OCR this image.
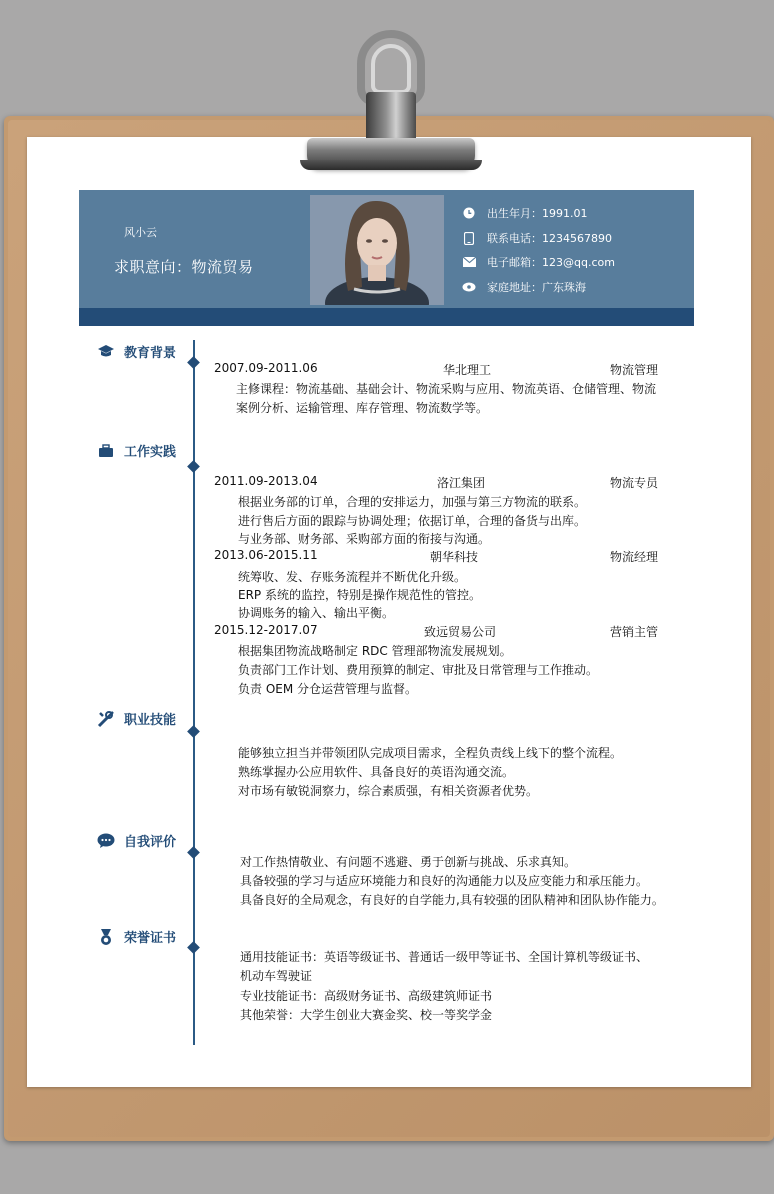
风小云
求职意向：物流贸易
出生年月：1991.01
联系电话：1234567890
电子邮箱：123@qq.com
家庭地址：广东珠海
教育背景
2007.09-2011.06	华北理工	物流管理
主修课程：物流基础、基础会计、物流采购与应用、物流英语、仓储管理、物流
案例分析、运输管理、库存管理、物流数学等。
工作实践
2011.09-2013.04	洛江集团	物流专员
根据业务部的订单，合理的安排运力，加强与第三方物流的联系。
进行售后方面的跟踪与协调处理；依据订单，合理的备货与出库。
与业务部、财务部、采购部方面的衔接与沟通。
2013.06-2015.11	朝华科技	物流经理
统筹收、发、存账务流程并不断优化升级。
ERP 系统的监控，特别是操作规范性的管控。
协调账务的输入、输出平衡。
2015.12-2017.07	致远贸易公司	营销主管
根据集团物流战略制定 RDC 管理部物流发展规划。
负责部门工作计划、费用预算的制定、审批及日常管理与工作推动。
负责 OEM 分仓运营管理与监督。
职业技能
能够独立担当并带领团队完成项目需求，全程负责线上线下的整个流程。
熟练掌握办公应用软件、具备良好的英语沟通交流。
对市场有敏锐洞察力，综合素质强，有相关资源者优势。
自我评价
对工作热情敬业、有问题不逃避、勇于创新与挑战、乐求真知。
具备较强的学习与适应环境能力和良好的沟通能力以及应变能力和承压能力。
具备良好的全局观念，有良好的自学能力,具有较强的团队精神和团队协作能力。
荣誉证书
通用技能证书：英语等级证书、普通话一级甲等证书、全国计算机等级证书、
机动车驾驶证
专业技能证书：高级财务证书、高级建筑师证书
其他荣誉：大学生创业大赛金奖、校一等奖学金
